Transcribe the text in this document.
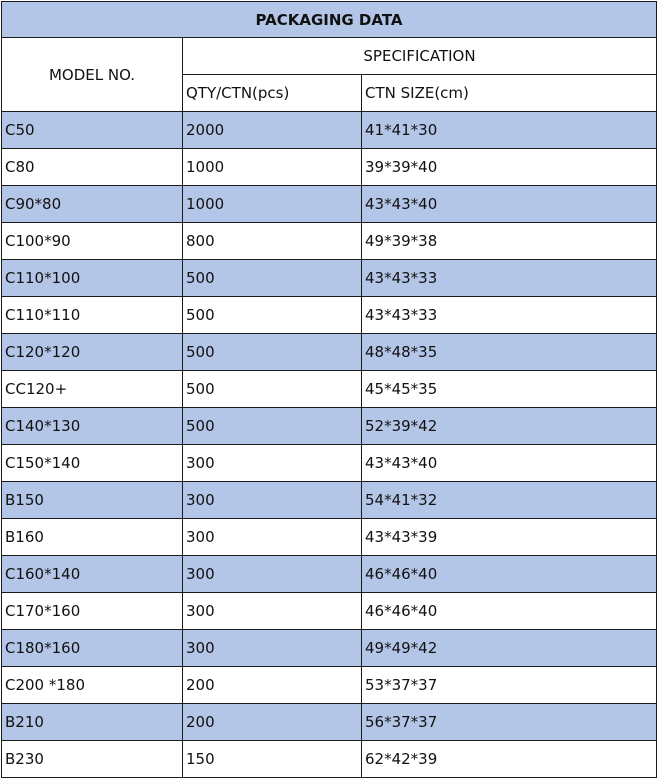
PACKAGING DATA		
MODEL NO.	SPECIFICATION	
	QTY/CTN(pcs)	CTN SIZE(cm)
C50	2000	41*41*30
C80	1000	39*39*40
C90*80	1000	43*43*40
C100*90	800	49*39*38
C110*100	500	43*43*33
C110*110	500	43*43*33
C120*120	500	48*48*35
CC120+	500	45*45*35
C140*130	500	52*39*42
C150*140	300	43*43*40
B150	300	54*41*32
B160	300	43*43*39
C160*140	300	46*46*40
C170*160	300	46*46*40
C180*160	300	49*49*42
C200 *180	200	53*37*37
B210	200	56*37*37
B230	150	62*42*39
